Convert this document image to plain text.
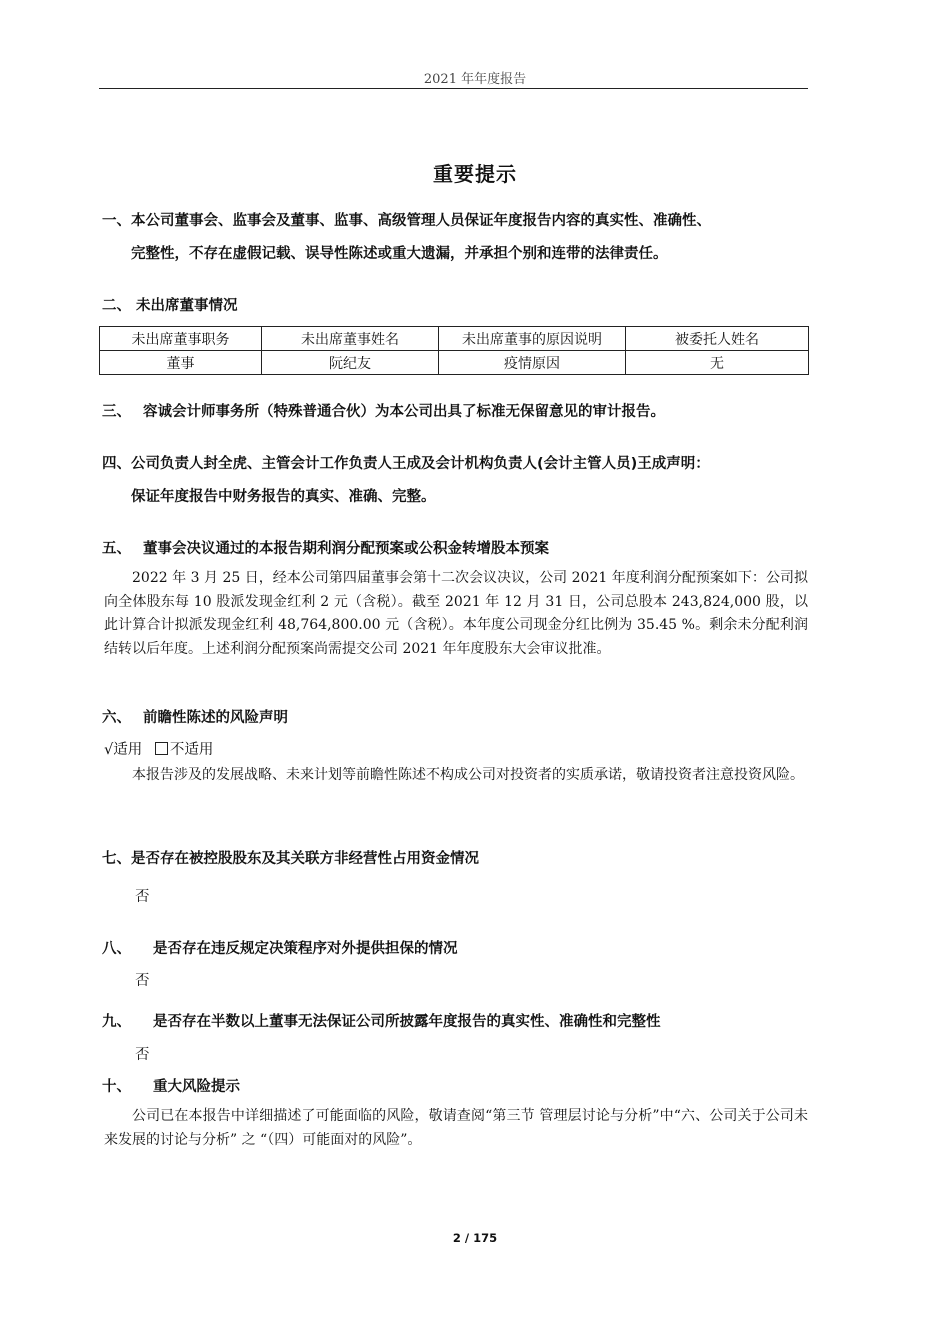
2021 年年度报告
重要提示
一、本公司董事会、监事会及董事、监事、高级管理人员保证年度报告内容的真实性、准确性、
完整性，不存在虚假记载、误导性陈述或重大遗漏，并承担个别和连带的法律责任。
二、 未出席董事情况
未出席董事职务	未出席董事姓名	未出席董事的原因说明	被委托人姓名
董事	阮纪友	疫情原因	无
三、 容诚会计师事务所（特殊普通合伙）为本公司出具了标准无保留意见的审计报告。
四、公司负责人封全虎、主管会计工作负责人王成及会计机构负责人(会计主管人员)王成声明：
保证年度报告中财务报告的真实、准确、完整。
五、 董事会决议通过的本报告期利润分配预案或公积金转增股本预案
2022 年 3 月 25 日，经本公司第四届董事会第十二次会议决议，公司 2021 年度利润分配预案如下：公司拟向全体股东每 10 股派发现金红利 2 元（含税）。截至 2021 年 12 月 31 日，公司总股本 243,824,000 股，以此计算合计拟派发现金红利 48,764,800.00 元（含税）。本年度公司现金分红比例为 35.45 %。剩余未分配利润结转以后年度。上述利润分配预案尚需提交公司 2021 年年度股东大会审议批准。
六、 前瞻性陈述的风险声明
√适用 不适用
本报告涉及的发展战略、未来计划等前瞻性陈述不构成公司对投资者的实质承诺，敬请投资者注意投资风险。
七、是否存在被控股股东及其关联方非经营性占用资金情况
否
八、 是否存在违反规定决策程序对外提供担保的情况
否
九、 是否存在半数以上董事无法保证公司所披露年度报告的真实性、准确性和完整性
否
十、 重大风险提示
公司已在本报告中详细描述了可能面临的风险，敬请查阅“第三节 管理层讨论与分析”中“六、公司关于公司未来发展的讨论与分析” 之 “（四）可能面对的风险”。
2 / 175
